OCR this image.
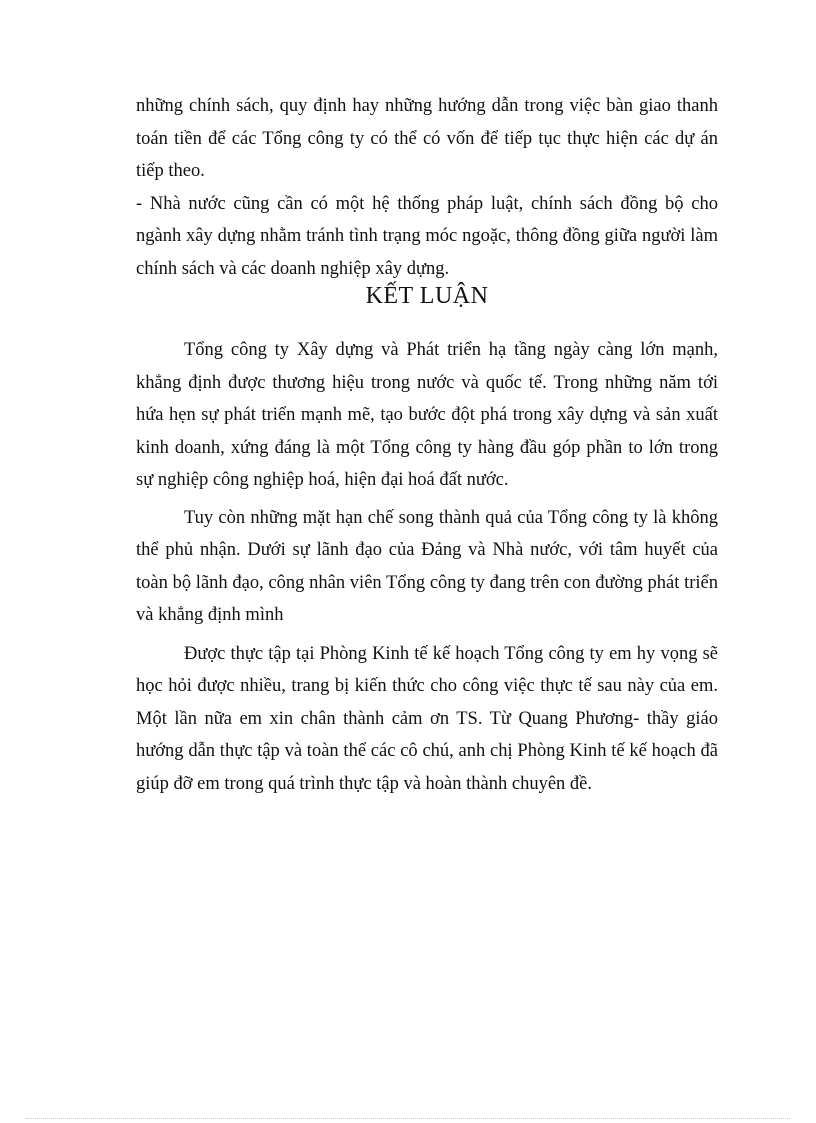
những chính sách, quy định hay những hướng dẫn trong việc bàn giao thanh toán tiền để các Tổng công ty có thể có vốn để tiếp tục thực hiện các dự án tiếp theo.

- Nhà nước cũng cần có một hệ thống pháp luật, chính sách đồng bộ cho ngành xây dựng nhằm tránh tình trạng móc ngoặc, thông đồng giữa người làm chính sách và các doanh nghiệp xây dựng.

KẾT LUẬN

Tổng công ty Xây dựng và Phát triển hạ tầng ngày càng lớn mạnh, khẳng định được thương hiệu trong nước và quốc tế. Trong những năm tới hứa hẹn sự phát triển mạnh mẽ, tạo bước đột phá trong xây dựng và sản xuất kinh doanh, xứng đáng là một Tổng công ty hàng đầu góp phần to lớn trong sự nghiệp công nghiệp hoá, hiện đại hoá đất nước.

Tuy còn những mặt hạn chế song thành quả của Tổng công ty là không thể phủ nhận. Dưới sự lãnh đạo của Đảng và Nhà nước, với tâm huyết của toàn bộ lãnh đạo, công nhân viên Tổng công ty đang trên con đường phát triển và khẳng định mình

Được thực tập tại Phòng Kinh tế kế hoạch Tổng công ty em hy vọng sẽ học hỏi được nhiều, trang bị kiến thức cho công việc thực tế sau này của em. Một lần nữa em xin chân thành cảm ơn TS. Từ Quang Phương- thầy giáo hướng dẫn thực tập và toàn thể các cô chú, anh chị Phòng Kinh tế kế hoạch đã giúp đỡ em trong quá trình thực tập và hoàn thành chuyên đề.
